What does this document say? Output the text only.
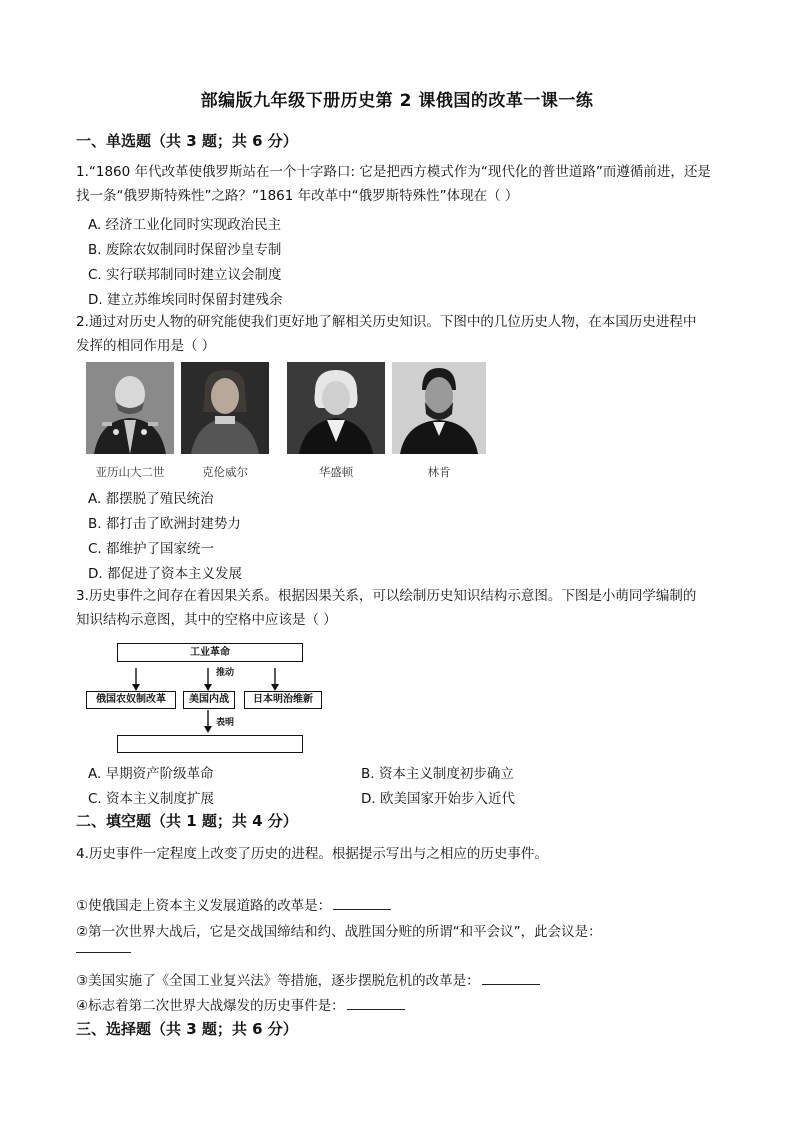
部编版九年级下册历史第 2 课俄国的改革一课一练
一、单选题（共 3 题；共 6 分）
1.“1860 年代改革使俄罗斯站在一个十字路口: 它是把西方模式作为“现代化的普世道路”而遵循前进，还是
找一条“俄罗斯特殊性”之路？”1861 年改革中“俄罗斯特殊性”体现在（ ）
A. 经济工业化同时实现政治民主
B. 废除农奴制同时保留沙皇专制
C. 实行联邦制同时建立议会制度
D. 建立苏维埃同时保留封建残余
2.通过对历史人物的研究能使我们更好地了解相关历史知识。下图中的几位历史人物，在本国历史进程中
发挥的相同作用是（ ）
亚历山大二世	克伦威尔	华盛顿	林肯
A. 都摆脱了殖民统治
B. 都打击了欧洲封建势力
C. 都维护了国家统一
D. 都促进了资本主义发展
3.历史事件之间存在着因果关系。根据因果关系，可以绘制历史知识结构示意图。下图是小萌同学编制的
知识结构示意图，其中的空格中应该是（ ）
工业革命
推动
俄国农奴制改革	美国内战	日本明治维新
表明
A. 早期资产阶级革命	B. 资本主义制度初步确立
C. 资本主义制度扩展	D. 欧美国家开始步入近代
二、填空题（共 1 题；共 4 分）
4.历史事件一定程度上改变了历史的进程。根据提示写出与之相应的历史事件。
①使俄国走上资本主义发展道路的改革是：
②第一次世界大战后，它是交战国缔结和约、战胜国分赃的所谓“和平会议”，此会议是：
③美国实施了《全国工业复兴法》等措施，逐步摆脱危机的改革是：
④标志着第二次世界大战爆发的历史事件是：
三、选择题（共 3 题；共 6 分）
